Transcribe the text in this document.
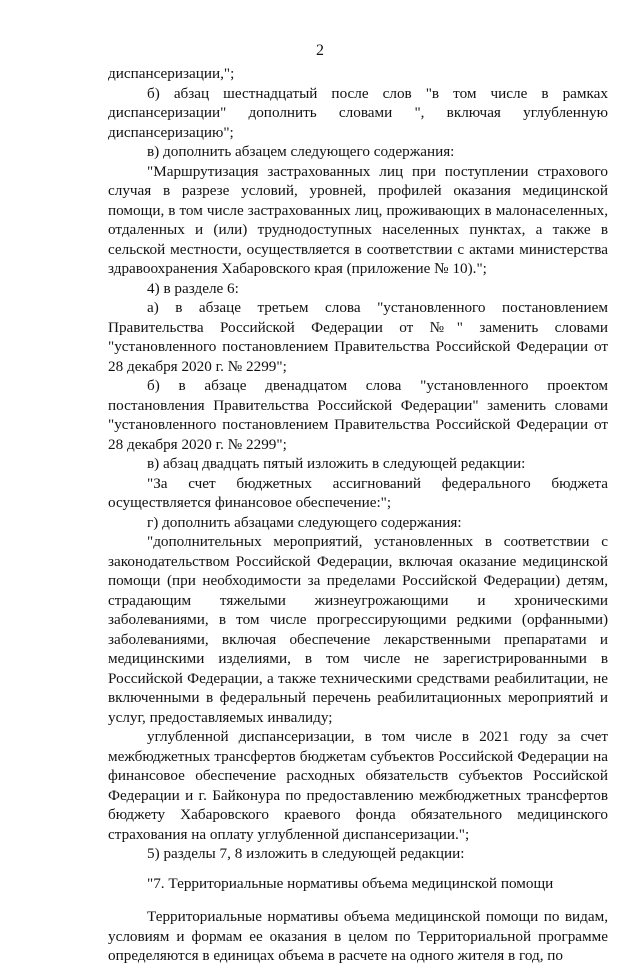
2

диспансеризации,";

б) абзац шестнадцатый после слов "в том числе в рамках диспансеризации" дополнить словами ", включая углубленную диспансеризацию";

в) дополнить абзацем следующего содержания:

"Маршрутизация застрахованных лиц при поступлении страхового случая в разрезе условий, уровней, профилей оказания медицинской помощи, в том числе застрахованных лиц, проживающих в малонаселенных, отдаленных и (или) труднодоступных населенных пунктах, а также в сельской местности, осуществляется в соответствии с актами министерства здравоохранения Хабаровского края (приложение № 10).";

4) в разделе 6:

а) в абзаце третьем слова "установленного постановлением Правительства Российской Федерации от №" заменить словами "установленного постановлением Правительства Российской Федерации от 28 декабря 2020 г. № 2299";

б) в абзаце двенадцатом слова "установленного проектом постановления Правительства Российской Федерации" заменить словами "установленного постановлением Правительства Российской Федерации от 28 декабря 2020 г. № 2299";

в) абзац двадцать пятый изложить в следующей редакции:

"За счет бюджетных ассигнований федерального бюджета осуществляется финансовое обеспечение:";

г) дополнить абзацами следующего содержания:

"дополнительных мероприятий, установленных в соответствии с законодательством Российской Федерации, включая оказание медицинской помощи (при необходимости за пределами Российской Федерации) детям, страдающим тяжелыми жизнеугрожающими и хроническими заболеваниями, в том числе прогрессирующими редкими (орфанными) заболеваниями, включая обеспечение лекарственными препаратами и медицинскими изделиями, в том числе не зарегистрированными в Российской Федерации, а также техническими средствами реабилитации, не включенными в федеральный перечень реабилитационных мероприятий и услуг, предоставляемых инвалиду;

углубленной диспансеризации, в том числе в 2021 году за счет межбюджетных трансфертов бюджетам субъектов Российской Федерации на финансовое обеспечение расходных обязательств субъектов Российской Федерации и г. Байконура по предоставлению межбюджетных трансфертов бюджету Хабаровского краевого фонда обязательного медицинского страхования на оплату углубленной диспансеризации.";

5) разделы 7, 8 изложить в следующей редакции:

"7. Территориальные нормативы объема медицинской помощи

Территориальные нормативы объема медицинской помощи по видам, условиям и формам ее оказания в целом по Территориальной программе определяются в единицах объема в расчете на одного жителя в год, по
